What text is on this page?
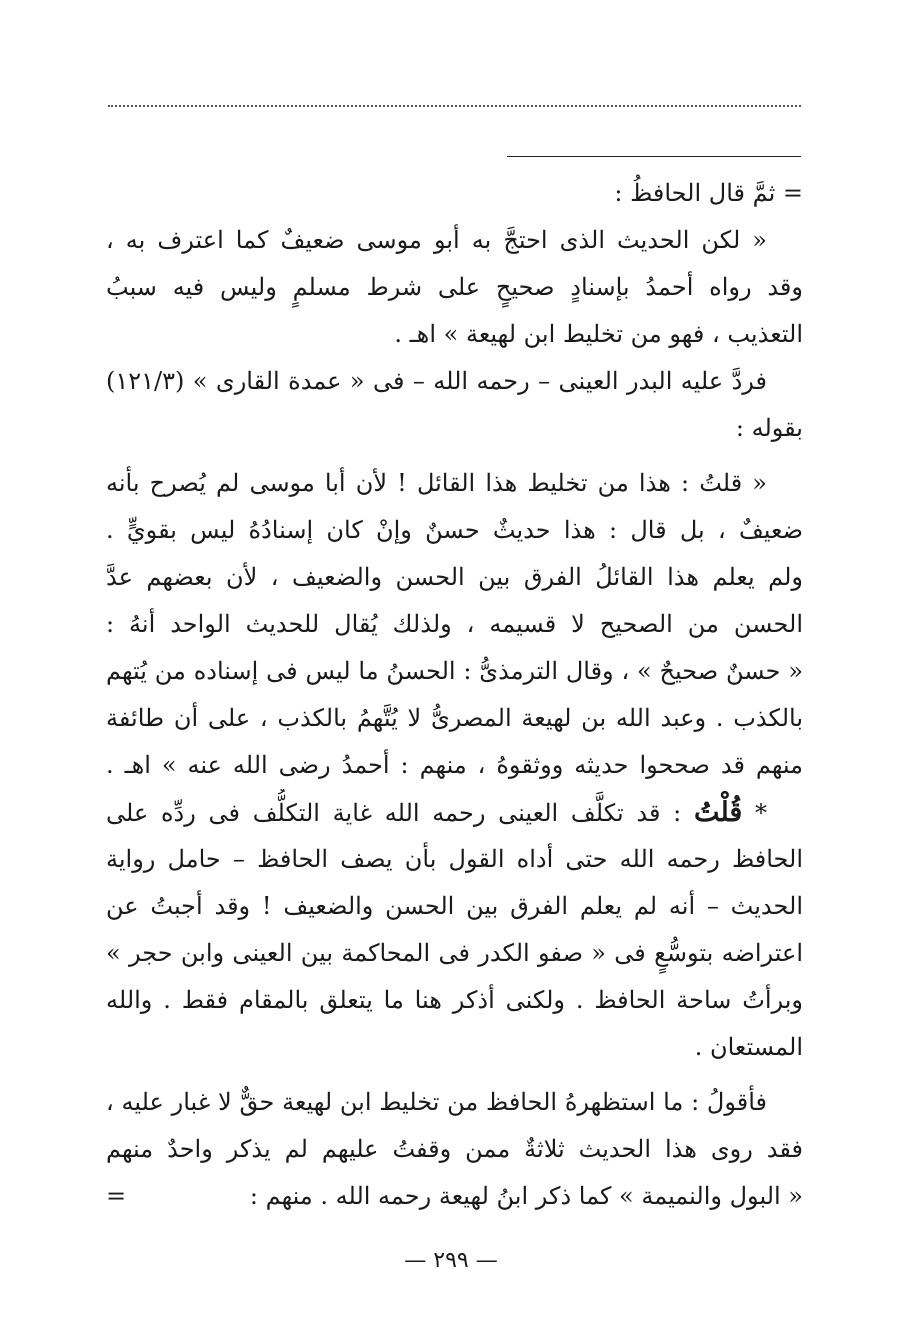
= ثمَّ قال الحافظُ :
« لكن الحديث الذى احتجَّ به أبو موسى ضعيفٌ كما اعترف به ،
وقد رواه أحمدُ بإسنادٍ صحيحٍ على شرط مسلمٍ وليس فيه سببُ
التعذيب ، فهو من تخليط ابن لهيعة » اهـ .
فردَّ عليه البدر العينى – رحمه الله – فى « عمدة القارى » (١٢١/٣)
بقوله :
« قلتُ : هذا من تخليط هذا القائل ! لأن أبا موسى لم يُصرح بأنه
ضعيفٌ ، بل قال : هذا حديثٌ حسنٌ وإنْ كان إسنادُهُ ليس بقويٍّ .
ولم يعلم هذا القائلُ الفرق بين الحسن والضعيف ، لأن بعضهم عدَّ
الحسن من الصحيح لا قسيمه ، ولذلك يُقال للحديث الواحد أنهُ :
« حسنٌ صحيحٌ » ، وقال الترمذىُّ : الحسنُ ما ليس فى إسناده من يُتهم
بالكذب . وعبد الله بن لهيعة المصرىُّ لا يُتَّهمُ بالكذب ، على أن طائفة
منهم قد صححوا حديثه ووثقوهُ ، منهم : أحمدُ رضى الله عنه » اهـ .
* قُلْتُ : قد تكلَّف العينى رحمه الله غاية التكلُّف فى ردِّه على
الحافظ رحمه الله حتى أداه القول بأن يصف الحافظ – حامل رواية
الحديث – أنه لم يعلم الفرق بين الحسن والضعيف ! وقد أجبتُ عن
اعتراضه بتوسُّعٍ فى « صفو الكدر فى المحاكمة بين العينى وابن حجر »
وبرأتُ ساحة الحافظ . ولكنى أذكر هنا ما يتعلق بالمقام فقط . والله
المستعان .
فأقولُ : ما استظهرهُ الحافظ من تخليط ابن لهيعة حقٌّ لا غبار عليه ،
فقد روى هذا الحديث ثلاثةٌ ممن وقفتُ عليهم لم يذكر واحدٌ منهم
« البول والنميمة » كما ذكر ابنُ لهيعة رحمه الله . منهم :
=
— ٢٩٩ —
